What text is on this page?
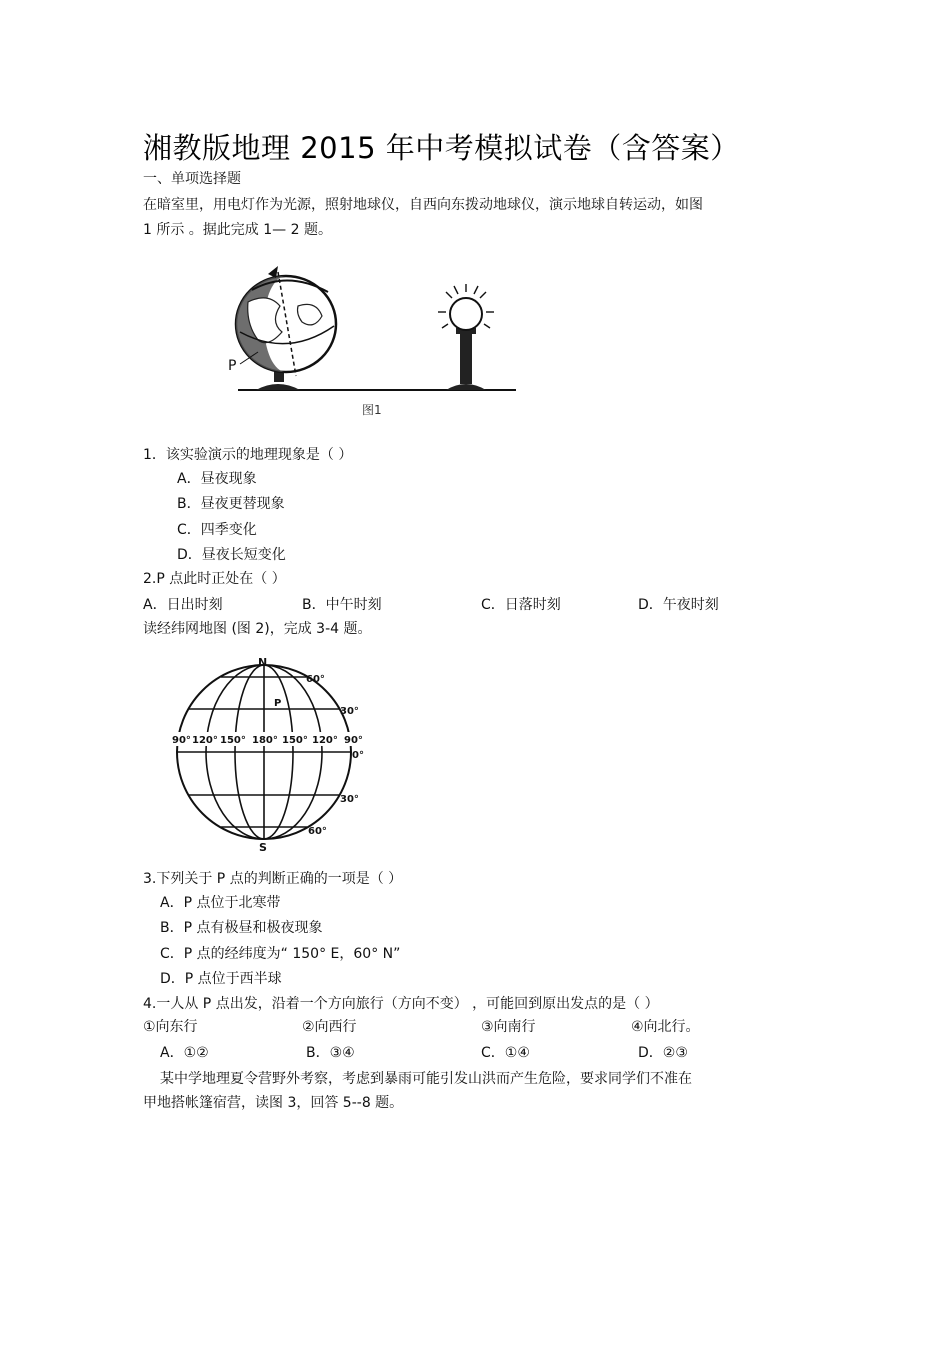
湘教版地理 2015 年中考模拟试卷（含答案）
一、单项选择题
在暗室里，用电灯作为光源，照射地球仪，自西向东拨动地球仪，演示地球自转运动，如图
1 所示 。据此完成 1— 2 题。
P
图1
1．该实验演示的地理现象是（ ）
A．昼夜现象
B．昼夜更替现象
C．四季变化
D．昼夜长短变化
2.P 点此时正处在（ ）
A．日出时刻	B．中午时刻	C．日落时刻	D．午夜时刻
读经纬网地图 (图 2)，完成 3-4 题。
90° 120° 150° 180° 150° 120° 90°
60°
30°
0°
30°
60°
P
N
S
3.下列关于 P 点的判断正确的一项是（ ）
A．P 点位于北寒带
B．P 点有极昼和极夜现象
C．P 点的经纬度为“ 150° E，60° N”
D．P 点位于西半球
4.一人从 P 点出发，沿着一个方向旅行（方向不变） ，可能回到原出发点的是（ ）
①向东行	②向西行	③向南行	④向北行。
A．①②	B．③④	C．①④	D．②③
某中学地理夏令营野外考察，考虑到暴雨可能引发山洪而产生危险，要求同学们不准在
甲地搭帐篷宿营，读图 3，回答 5--8 题。
